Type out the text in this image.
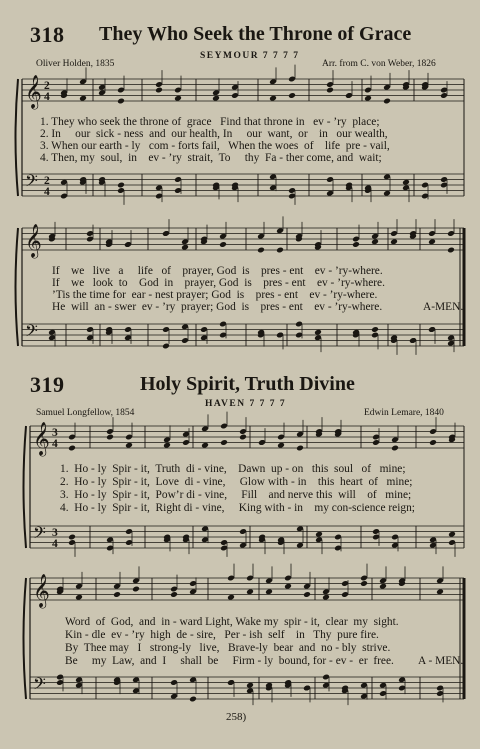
318 They Who Seek the Throne of Grace
SEYMOUR 7 7 7 7
Oliver Holden, 1835	Arr. from C. von Weber, 1826
319	Holy Spirit, Truth Divine
HAVEN 7 7 7 7
Samuel Longfellow, 1854	Edwin Lemare, 1840
1. They who seek the throne of  grace   Find that throne in   ev - ’ry  place;
2. In     our  sick - ness  and  our health, In     our  want,  or    in   our wealth,
3. When our earth - ly   com - forts fail,   When the woes  of    life  pre - vail,
4. Then, my  soul,  in    ev - ’ry  strait,  To     thy  Fa - ther come, and  wait;
If    we   live   a     life   of    prayer, God  is    pres - ent    ev - ’ry-where.
If    we   look  to    God  in    prayer, God  is    pres - ent    ev - ’ry-where.
’Tis the time for  ear - nest prayer; God  is    pres - ent    ev - ’ry-where.
He  will  an - swer  ev - ’ry  prayer; God  is    pres - ent    ev - ’ry-where.	A-MEN.
1.  Ho - ly  Spir - it,  Truth  di - vine,    Dawn  up - on   this  soul   of   mine;
2.  Ho - ly  Spir - it,  Love  di - vine,     Glow with - in    this  heart  of   mine;
3.  Ho - ly  Spir - it,  Pow’r di - vine,     Fill    and nerve this  will    of   mine;
4.  Ho - ly  Spir - it,  Right di - vine,     King with - in    my con-science reign;
Word  of  God,  and  in - ward Light, Wake my  spir - it,  clear  my  sight.
Kin - dle  ev - ’ry  high  de - sire,   Per - ish  self    in   Thy  pure fire.
By  Thee may   I   strong-ly   live,   Brave-ly  bear  and  no - bly  strive.
Be     my  Law,  and  I     shall  be     Firm - ly  bound, for - ev -  er  free. A - MEN.
258)
𝄞
𝄢
2
4
2
4
𝄞
𝄢
𝄞
𝄢
3
4
3
4
𝄞
𝄢
